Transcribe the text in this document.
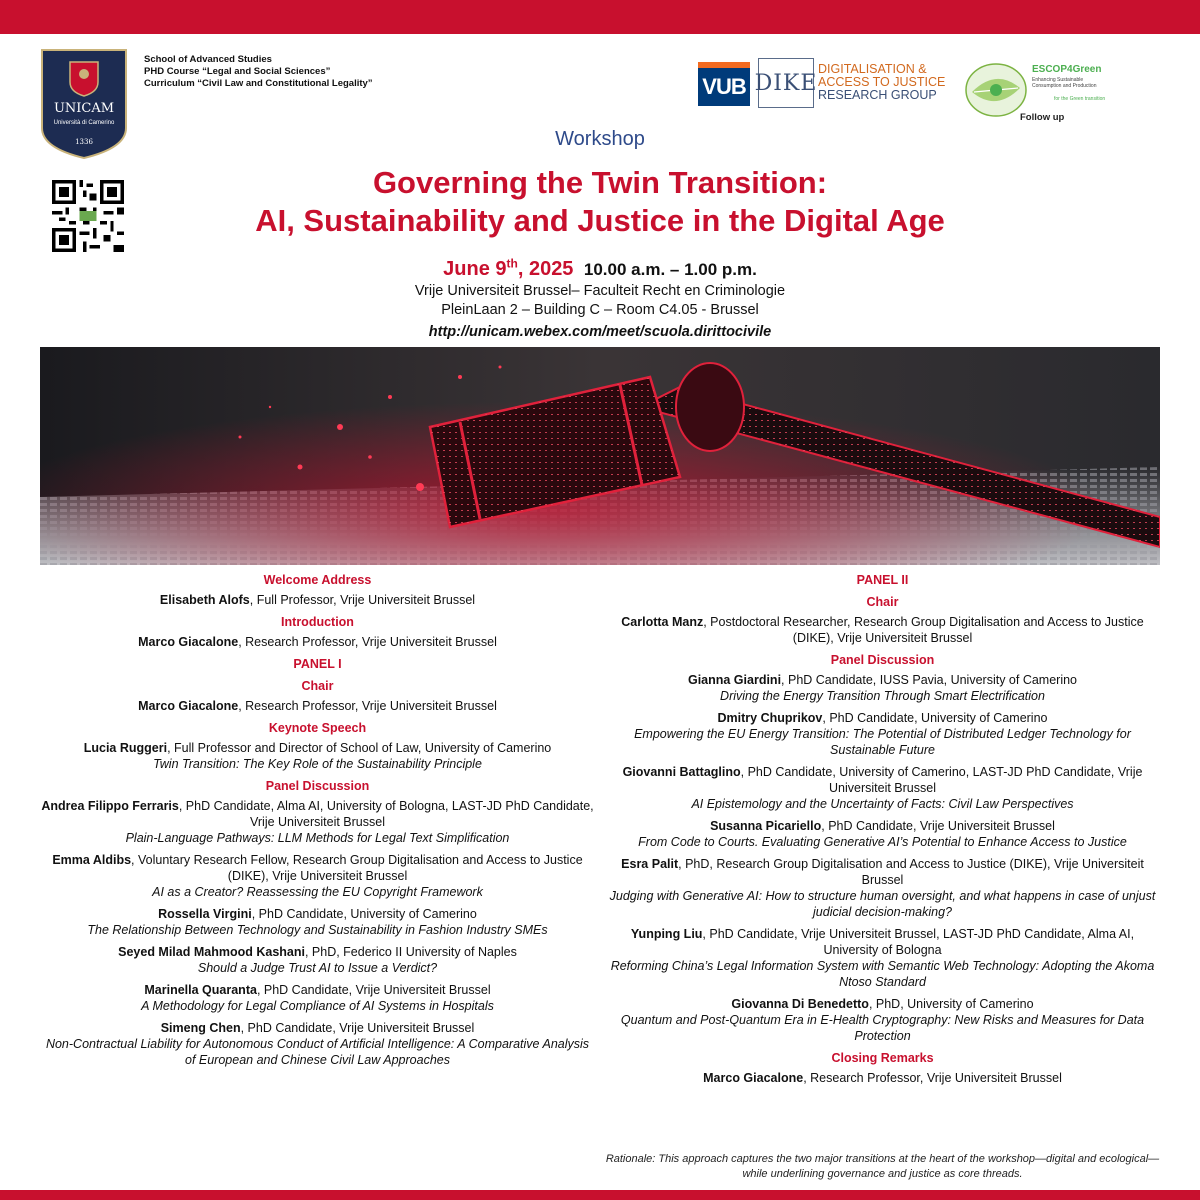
UNICAM
Università di Camerino
1336
School of Advanced Studies
PHD Course “Legal and Social Sciences”
Curriculum “Civil Law and Constitutional Legality”	VUB DIKE
DIGITALISATION &
ACCESS TO JUSTICE
RESEARCH GROUP
ESCOP4Green
Enhancing Sustainable
Consumption and Production
for the Green transition
Follow up
Workshop
Governing the Twin Transition:
AI, Sustainability and Justice in the Digital Age
June 9th, 2025 10.00 a.m. – 1.00 p.m.
Vrije Universiteit Brussel– Faculteit Recht en Criminologie
PleinLaan 2 – Building C – Room C4.05 - Brussel
http://unicam.webex.com/meet/scuola.dirittocivile
Welcome Address
Elisabeth Alofs, Full Professor, Vrije Universiteit Brussel
Introduction
Marco Giacalone, Research Professor, Vrije Universiteit Brussel
PANEL I
Chair
Marco Giacalone, Research Professor, Vrije Universiteit Brussel
Keynote Speech
Lucia Ruggeri, Full Professor and Director of School of Law, University of Camerino
Twin Transition: The Key Role of the Sustainability Principle
Panel Discussion
Andrea Filippo Ferraris, PhD Candidate, Alma AI, University of Bologna, LAST-JD PhD Candidate, Vrije Universiteit Brussel
Plain-Language Pathways: LLM Methods for Legal Text Simplification
Emma Aldibs, Voluntary Research Fellow, Research Group Digitalisation and Access to Justice (DIKE), Vrije Universiteit Brussel
AI as a Creator? Reassessing the EU Copyright Framework
Rossella Virgini, PhD Candidate, University of Camerino
The Relationship Between Technology and Sustainability in Fashion Industry SMEs
Seyed Milad Mahmood Kashani, PhD, Federico II University of Naples
Should a Judge Trust AI to Issue a Verdict?
Marinella Quaranta, PhD Candidate, Vrije Universiteit Brussel
A Methodology for Legal Compliance of AI Systems in Hospitals
Simeng Chen, PhD Candidate, Vrije Universiteit Brussel
Non-Contractual Liability for Autonomous Conduct of Artificial Intelligence: A Comparative Analysis of European and Chinese Civil Law Approaches
PANEL II
Chair
Carlotta Manz, Postdoctoral Researcher, Research Group Digitalisation and Access to Justice (DIKE), Vrije Universiteit Brussel
Panel Discussion
Gianna Giardini, PhD Candidate, IUSS Pavia, University of Camerino
Driving the Energy Transition Through Smart Electrification
Dmitry Chuprikov, PhD Candidate, University of Camerino
Empowering the EU Energy Transition: The Potential of Distributed Ledger Technology for Sustainable Future
Giovanni Battaglino, PhD Candidate, University of Camerino, LAST-JD PhD Candidate, Vrije Universiteit Brussel
AI Epistemology and the Uncertainty of Facts: Civil Law Perspectives
Susanna Picariello, PhD Candidate, Vrije Universiteit Brussel
From Code to Courts. Evaluating Generative AI’s Potential to Enhance Access to Justice
Esra Palit, PhD, Research Group Digitalisation and Access to Justice (DIKE), Vrije Universiteit Brussel
Judging with Generative AI: How to structure human oversight, and what happens in case of unjust judicial decision-making?
Yunping Liu, PhD Candidate, Vrije Universiteit Brussel, LAST-JD PhD Candidate, Alma AI, University of Bologna
Reforming China’s Legal Information System with Semantic Web Technology: Adopting the Akoma Ntoso Standard
Giovanna Di Benedetto, PhD, University of Camerino
Quantum and Post-Quantum Era in E-Health Cryptography: New Risks and Measures for Data Protection
Closing Remarks
Marco Giacalone, Research Professor, Vrije Universiteit Brussel
Rationale: This approach captures the two major transitions at the heart of the workshop—digital and ecological—while underlining governance and justice as core threads.
